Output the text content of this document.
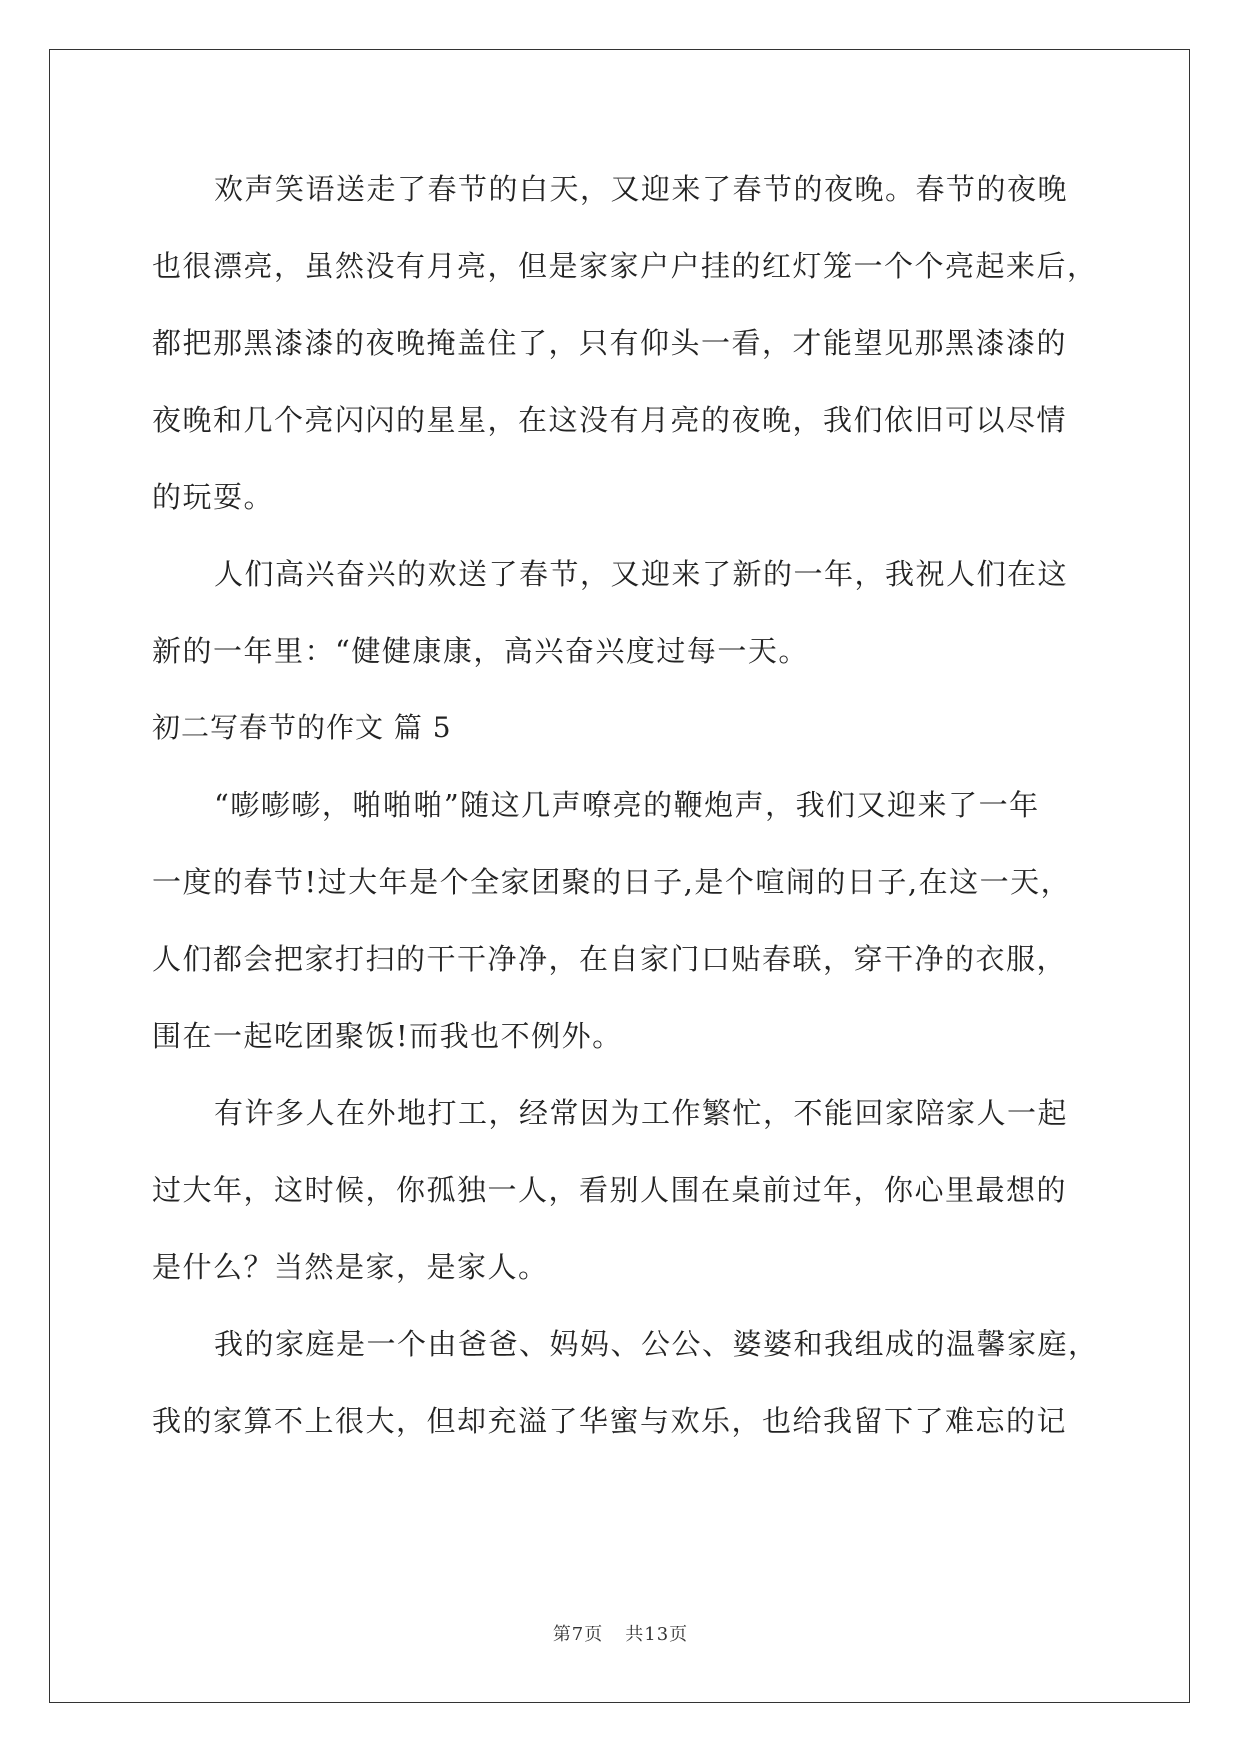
欢声笑语送走了春节的白天，又迎来了春节的夜晚。春节的夜晚
也很漂亮，虽然没有月亮，但是家家户户挂的红灯笼一个个亮起来后，
都把那黑漆漆的夜晚掩盖住了，只有仰头一看，才能望见那黑漆漆的
夜晚和几个亮闪闪的星星，在这没有月亮的夜晚，我们依旧可以尽情
的玩耍。
人们高兴奋兴的欢送了春节，又迎来了新的一年，我祝人们在这
新的一年里：“健健康康，高兴奋兴度过每一天。
初二写春节的作文 篇 5
“嘭嘭嘭，啪啪啪”随这几声嘹亮的鞭炮声，我们又迎来了一年
一度的春节!过大年是个全家团聚的日子,是个喧闹的日子,在这一天，
人们都会把家打扫的干干净净，在自家门口贴春联，穿干净的衣服，
围在一起吃团聚饭!而我也不例外。
有许多人在外地打工，经常因为工作繁忙，不能回家陪家人一起
过大年，这时候，你孤独一人，看别人围在桌前过年，你心里最想的
是什么？当然是家，是家人。
我的家庭是一个由爸爸、妈妈、公公、婆婆和我组成的温馨家庭，
我的家算不上很大，但却充溢了华蜜与欢乐，也给我留下了难忘的记
第7页 共13页
